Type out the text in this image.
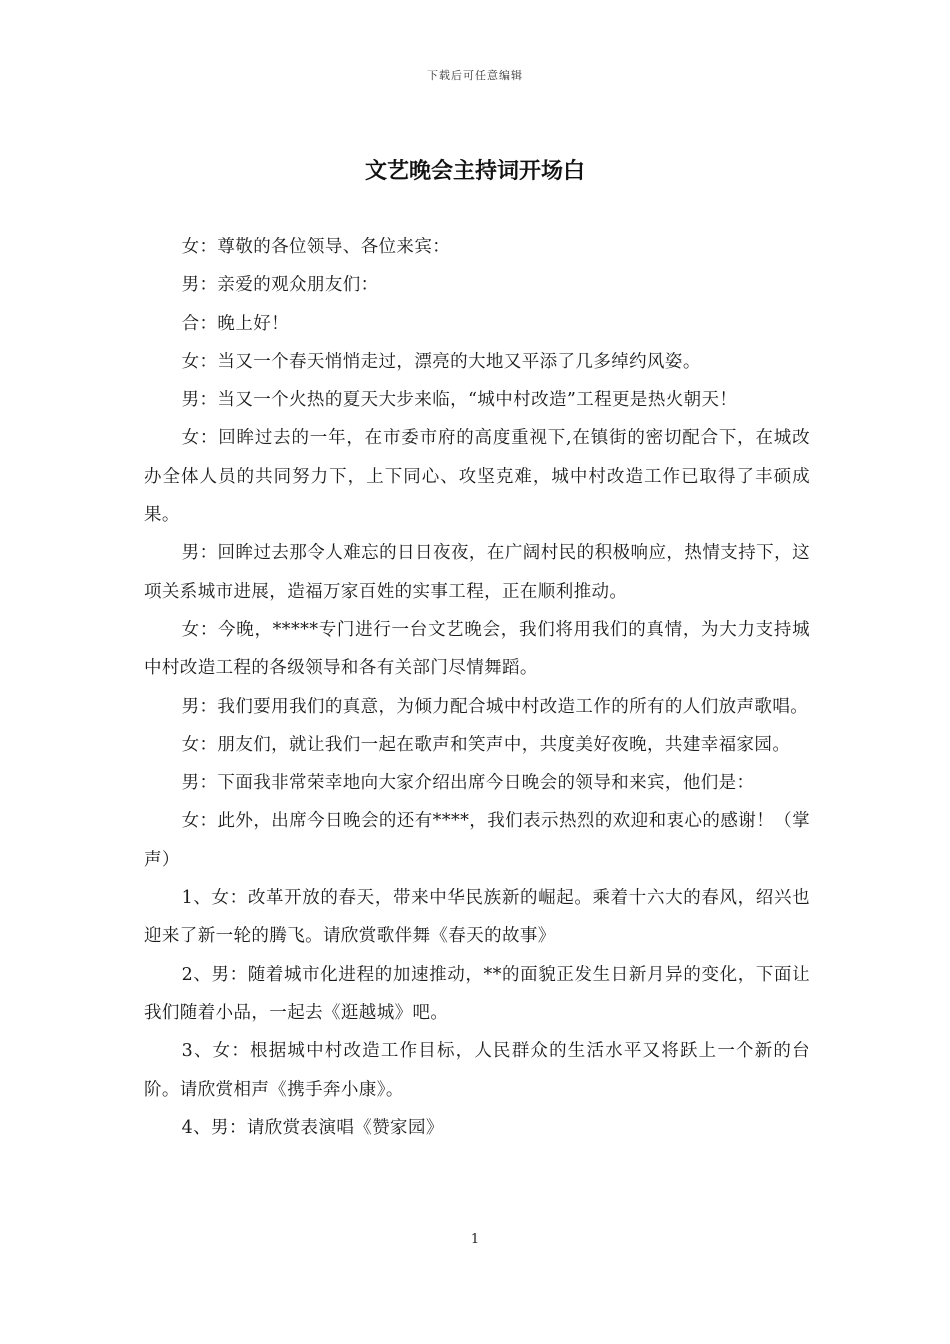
下载后可任意编辑
文艺晚会主持词开场白

女：尊敬的各位领导、各位来宾：

男：亲爱的观众朋友们：

合：晚上好！

女：当又一个春天悄悄走过，漂亮的大地又平添了几多绰约风姿。

男：当又一个火热的夏天大步来临，“城中村改造”工程更是热火朝天！

女：回眸过去的一年，在市委市府的高度重视下,在镇街的密切配合下，在城改办全体人员的共同努力下，上下同心、攻坚克难，城中村改造工作已取得了丰硕成果。

男：回眸过去那令人难忘的日日夜夜，在广阔村民的积极响应，热情支持下，这项关系城市进展，造福万家百姓的实事工程，正在顺利推动。

女：今晚，*****专门进行一台文艺晚会，我们将用我们的真情，为大力支持城中村改造工程的各级领导和各有关部门尽情舞蹈。

男：我们要用我们的真意，为倾力配合城中村改造工作的所有的人们放声歌唱。

女：朋友们，就让我们一起在歌声和笑声中，共度美好夜晚，共建幸福家园。

男：下面我非常荣幸地向大家介绍出席今日晚会的领导和来宾，他们是：

女：此外，出席今日晚会的还有****，我们表示热烈的欢迎和衷心的感谢！（掌声）

1、女：改革开放的春天，带来中华民族新的崛起。乘着十六大的春风，绍兴也迎来了新一轮的腾飞。请欣赏歌伴舞《春天的故事》

2、男：随着城市化进程的加速推动，**的面貌正发生日新月异的变化，下面让我们随着小品，一起去《逛越城》吧。

3、女：根据城中村改造工作目标，人民群众的生活水平又将跃上一个新的台阶。请欣赏相声《携手奔小康》。

4、男：请欣赏表演唱《赞家园》

1
